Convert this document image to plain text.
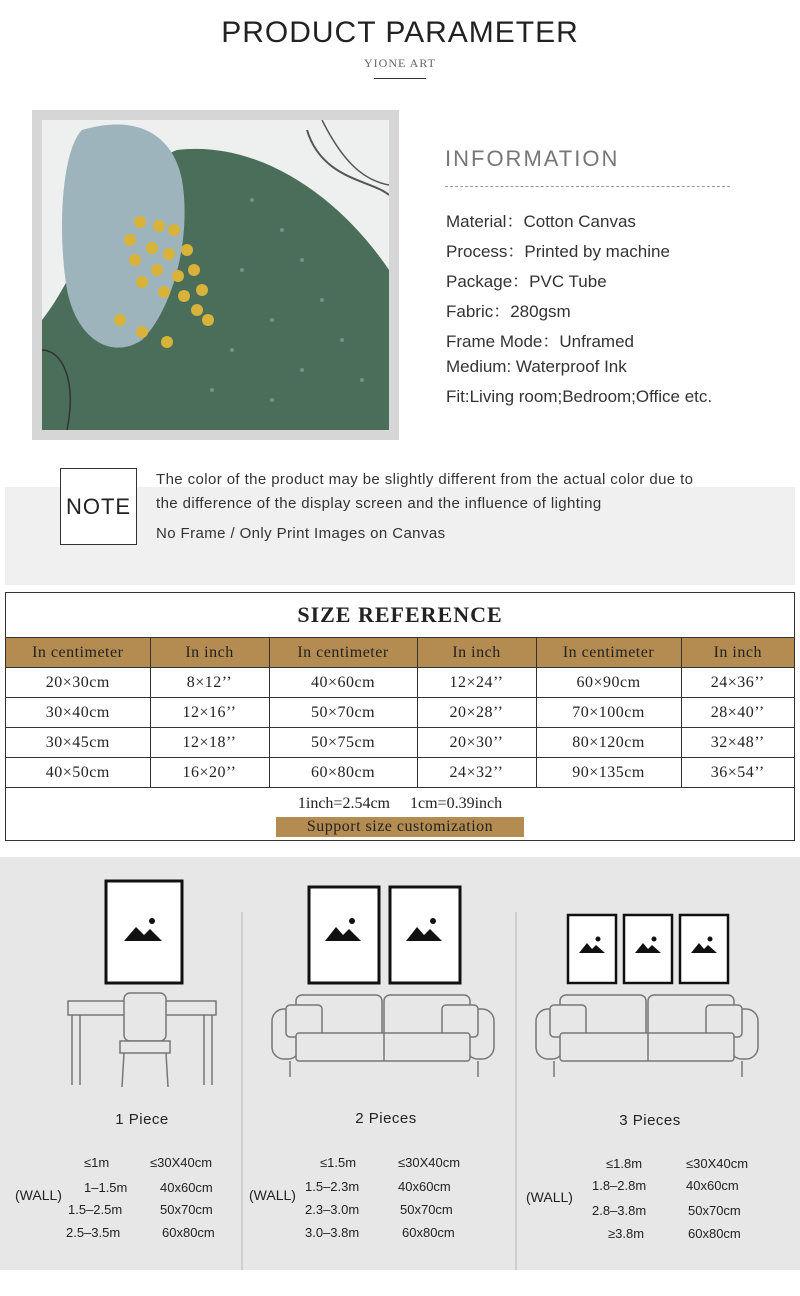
PRODUCT PARAMETER
YIONE ART
INFORMATION
Material：Cotton Canvas
Process：Printed by machine
Package：PVC Tube
Fabric：280gsm
Frame Mode：Unframed
Medium: Waterproof Ink
Fit:Living room;Bedroom;Office etc.
NOTE
The color of the product may be slightly different from the actual color due to
the difference of the display screen and the influence of lighting
No Frame / Only Print Images on Canvas
SIZE REFERENCE
In centimeter	In inch	In centimeter	In inch	In centimeter	In inch
20×30cm	8×12’’	40×60cm	12×24’’	60×90cm	24×36’’
30×40cm	12×16’’	50×70cm	20×28’’	70×100cm	28×40’’
30×45cm	12×18’’	50×75cm	20×30’’	80×120cm	32×48’’
40×50cm	16×20’’	60×80cm	24×32’’	90×135cm	36×54’’
1inch=2.54cm     1cm=0.39inch
Support size customization
1 Piece	2 Pieces	3 Pieces
(WALL)
≤1m	≤30X40cm
1–1.5m	40x60cm
1.5–2.5m	50x70cm
2.5–3.5m	60x80cm
(WALL)
≤1.5m	≤30X40cm
1.5–2.3m	40x60cm
2.3–3.0m	50x70cm
3.0–3.8m	60x80cm
(WALL)
≤1.8m	≤30X40cm
1.8–2.8m	40x60cm
2.8–3.8m	50x70cm
≥3.8m	60x80cm
